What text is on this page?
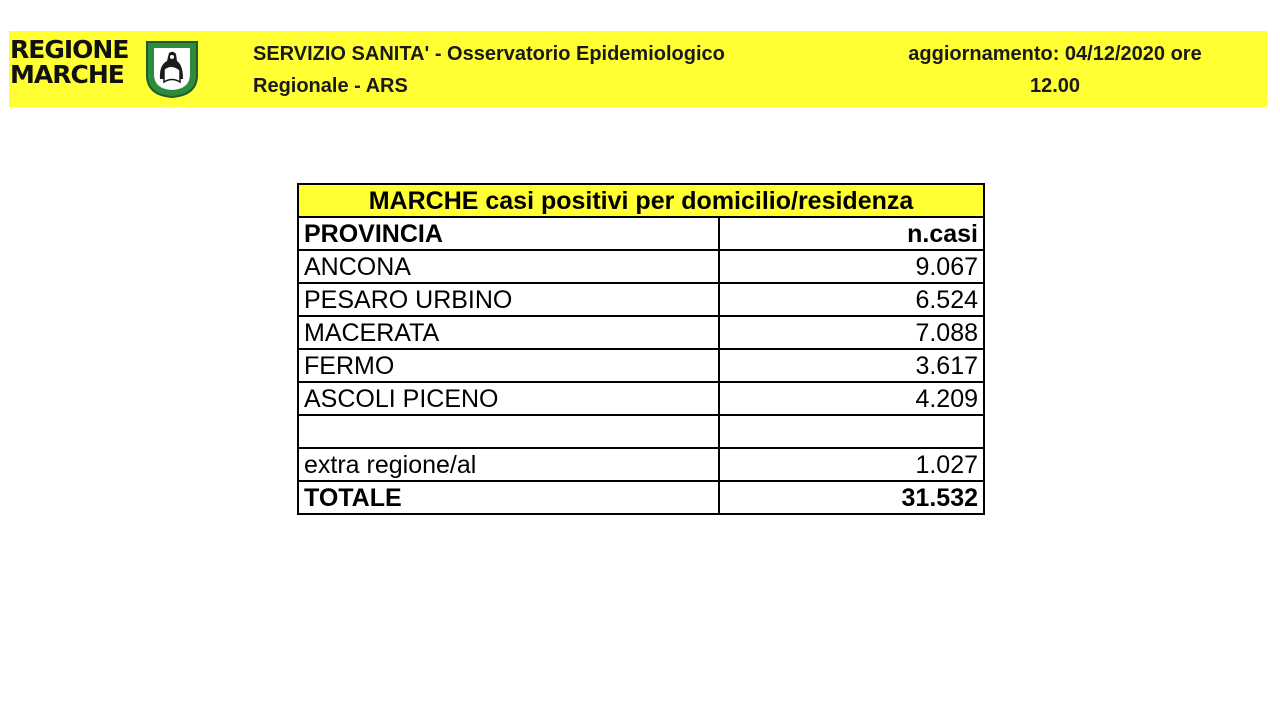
REGIONE
MARCHE
SERVIZIO SANITA' - Osservatorio Epidemiologico
Regionale - ARS
aggiornamento: 04/12/2020 ore
12.00
MARCHE casi positivi per domicilio/residenza	
PROVINCIA	n.casi
ANCONA	9.067
PESARO URBINO	6.524
MACERATA	7.088
FERMO	3.617
ASCOLI PICENO	4.209

extra regione/al	1.027
TOTALE	31.532
